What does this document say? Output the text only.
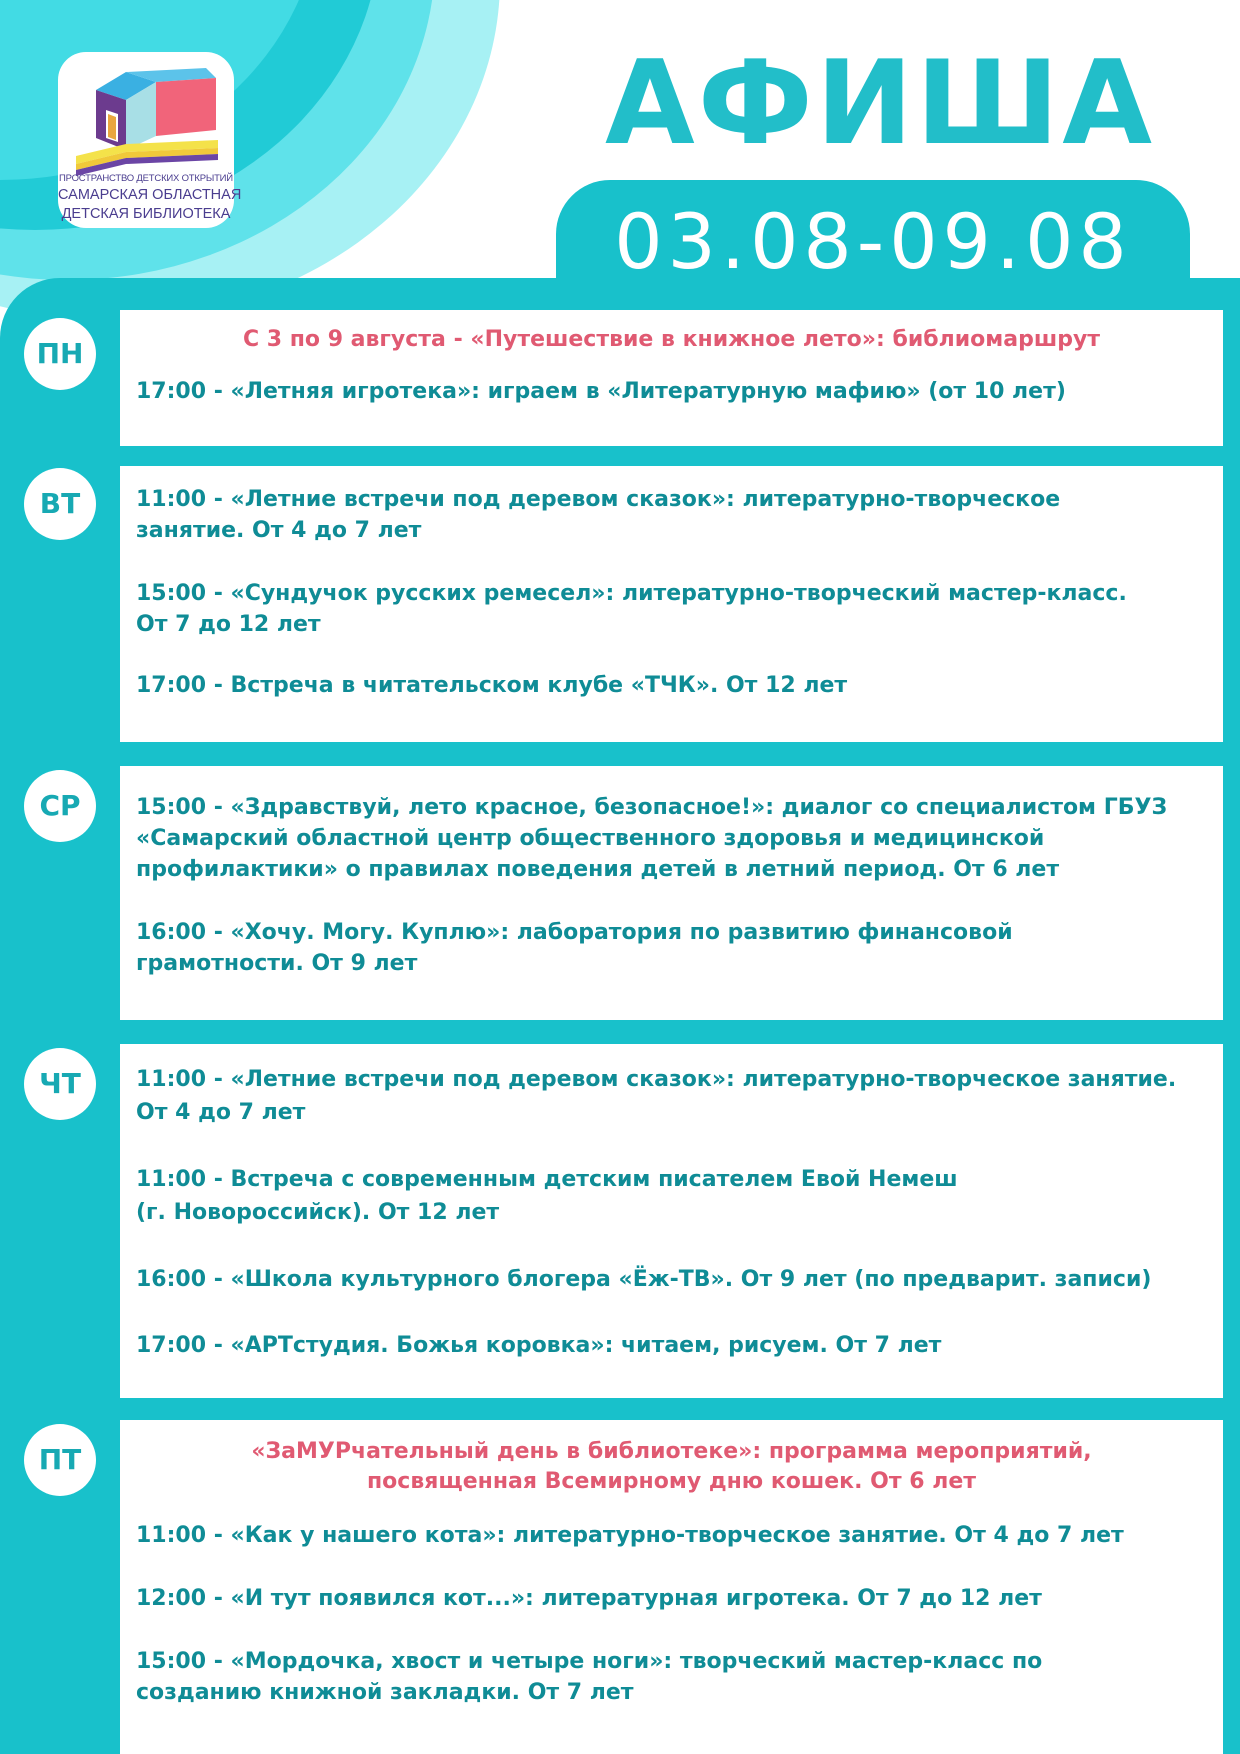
03.08-09.08
ПРОСТРАНСТВО ДЕТСКИХ ОТКРЫТИЙ
САМАРСКАЯ ОБЛАСТНАЯ
ДЕТСКАЯ БИБЛИОТЕКА
АФИША
ПН	С 3 по 9 августа - «Путешествие в книжное лето»: библиомаршрут

17:00 - «Летняя игротека»: играем в «Литературную мафию» (от 10 лет)

ВТ	11:00 - «Летние встречи под деревом сказок»: литературно-творческое

занятие. От 4 до 7 лет

15:00 - «Сундучок русских ремесел»: литературно-творческий мастер-класс.

От 7 до 12 лет

17:00 - Встреча в читательском клубе «ТЧК». От 12 лет

СР	15:00 - «Здравствуй, лето красное, безопасное!»: диалог со специалистом ГБУЗ

«Самарский областной центр общественного здоровья и медицинской

профилактики» о правилах поведения детей в летний период. От 6 лет

16:00 - «Хочу. Могу. Куплю»: лаборатория по развитию финансовой

грамотности. От 9 лет

ЧТ	11:00 - «Летние встречи под деревом сказок»: литературно-творческое занятие.

От 4 до 7 лет

11:00 - Встреча с современным детским писателем Евой Немеш

(г. Новороссийск). От 12 лет

16:00 - «Школа культурного блогера «Ёж-ТВ». От 9 лет (по предварит. записи)

17:00 - «АРТстудия. Божья коровка»: читаем, рисуем. От 7 лет

ПТ	«ЗаМУРчательный день в библиотеке»: программа мероприятий,

посвященная Всемирному дню кошек. От 6 лет

11:00 - «Как у нашего кота»: литературно-творческое занятие. От 4 до 7 лет

12:00 - «И тут появился кот...»: литературная игротека. От 7 до 12 лет

15:00 - «Мордочка, хвост и четыре ноги»: творческий мастер-класс по

созданию книжной закладки. От 7 лет
